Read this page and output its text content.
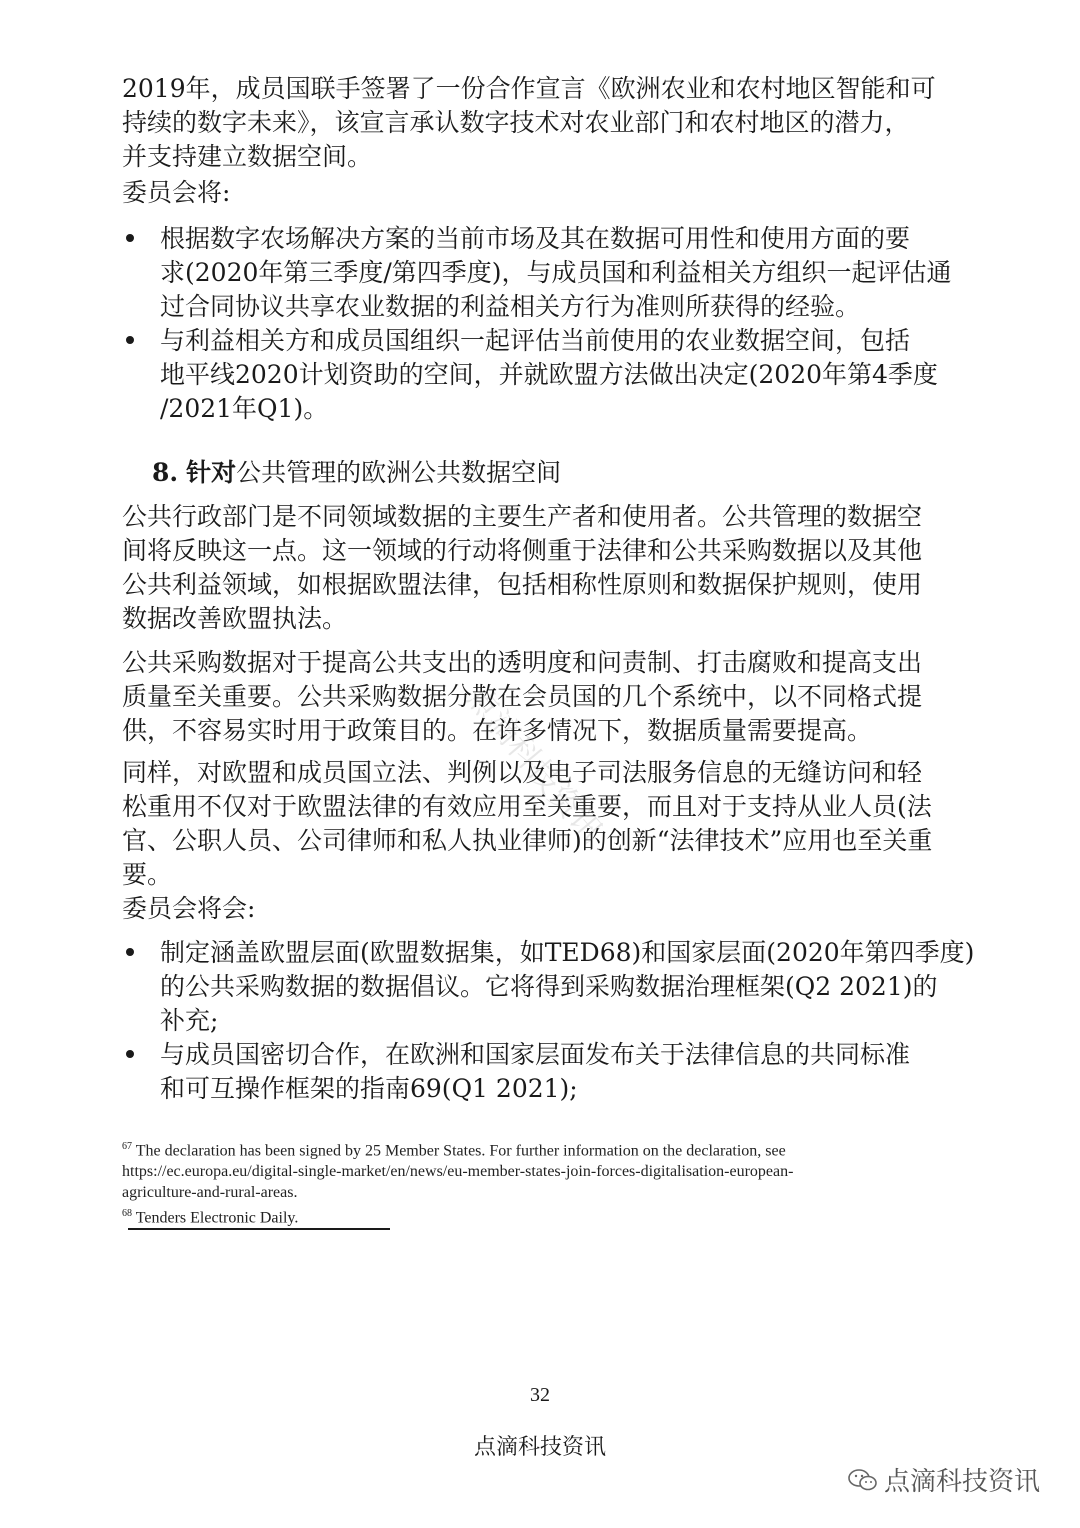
点滴科技资讯
2019年，成员国联手签署了一份合作宣言《欧洲农业和农村地区智能和可
持续的数字未来》，该宣言承认数字技术对农业部门和农村地区的潜力，
并支持建立数据空间。
委员会将:
根据数字农场解决方案的当前市场及其在数据可用性和使用方面的要
求(2020年第三季度/第四季度)，与成员国和利益相关方组织一起评估通
过合同协议共享农业数据的利益相关方行为准则所获得的经验。
与利益相关方和成员国组织一起评估当前使用的农业数据空间，包括
地平线2020计划资助的空间，并就欧盟方法做出决定(2020年第4季度
/2021年Q1)。
8. 针对公共管理的欧洲公共数据空间
公共行政部门是不同领域数据的主要生产者和使用者。公共管理的数据空
间将反映这一点。这一领域的行动将侧重于法律和公共采购数据以及其他
公共利益领域，如根据欧盟法律，包括相称性原则和数据保护规则，使用
数据改善欧盟执法。
公共采购数据对于提高公共支出的透明度和问责制、打击腐败和提高支出
质量至关重要。公共采购数据分散在会员国的几个系统中，以不同格式提
供，不容易实时用于政策目的。在许多情况下，数据质量需要提高。
同样，对欧盟和成员国立法、判例以及电子司法服务信息的无缝访问和轻
松重用不仅对于欧盟法律的有效应用至关重要，而且对于支持从业人员(法
官、公职人员、公司律师和私人执业律师)的创新“法律技术”应用也至关重
要。
委员会将会:
制定涵盖欧盟层面(欧盟数据集，如TED68)和国家层面(2020年第四季度)
的公共采购数据的数据倡议。它将得到采购数据治理框架(Q2 2021)的
补充;
与成员国密切合作，在欧洲和国家层面发布关于法律信息的共同标准
和可互操作框架的指南69(Q1 2021);
$^{67}$ The declaration has been signed by 25 Member States. For further information on the declaration, see
https://ec.europa.eu/digital-single-market/en/news/eu-member-states-join-forces-digitalisation-european-
agriculture-and-rural-areas.
$^{68}$ Tenders Electronic Daily.
32
点滴科技资讯
点滴科技资讯
